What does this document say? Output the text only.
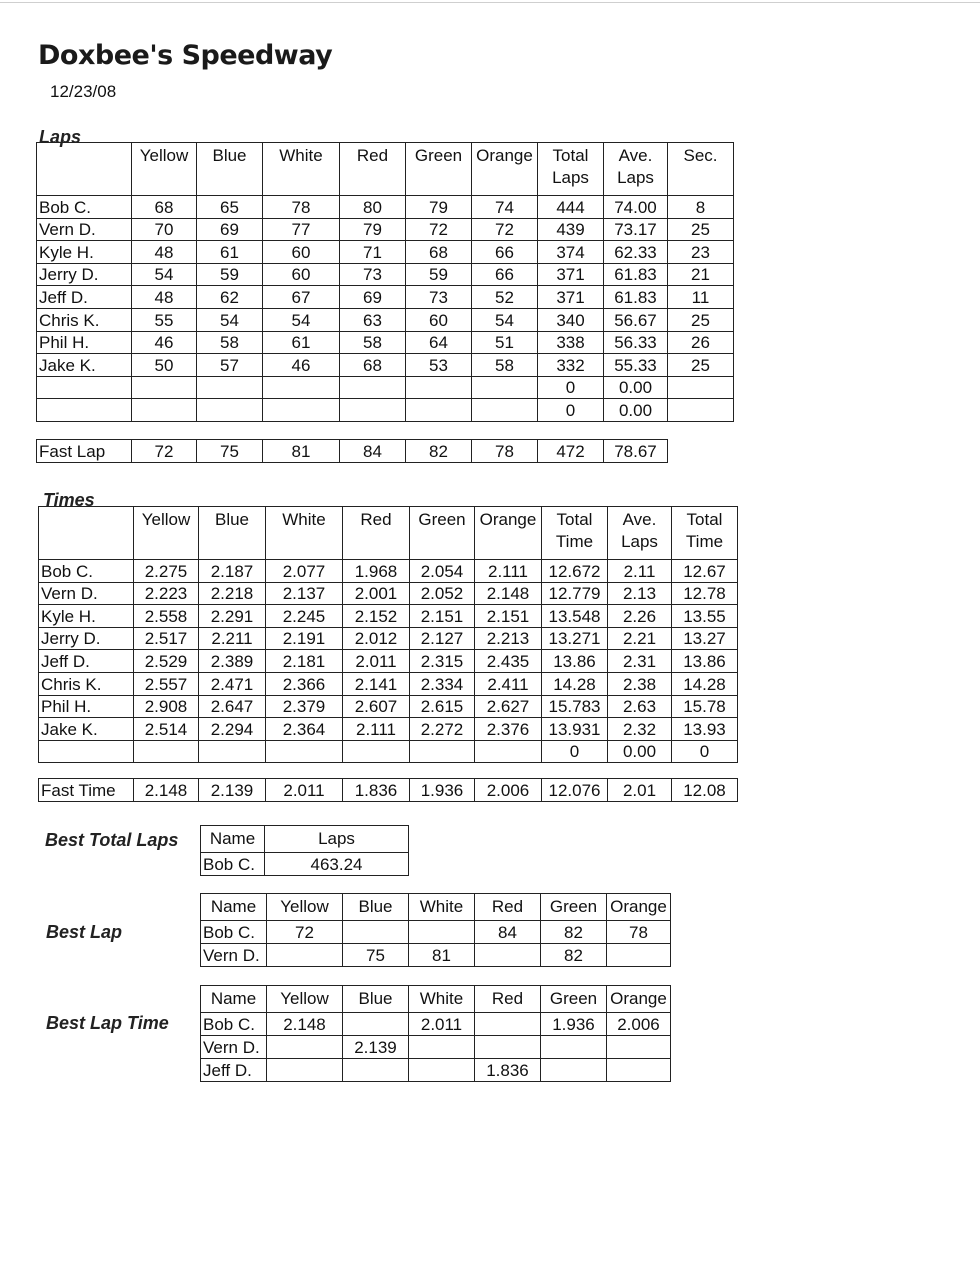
Doxbee's Speedway
12/23/08
Laps
	Yellow	Blue	White	Red	Green	Orange	Total Laps	Ave. Laps	Sec.
Bob C.	68	65	78	80	79	74	444	74.00	8
Vern D.	70	69	77	79	72	72	439	73.17	25
Kyle H.	48	61	60	71	68	66	374	62.33	23
Jerry D.	54	59	60	73	59	66	371	61.83	21
Jeff D.	48	62	67	69	73	52	371	61.83	11
Chris K.	55	54	54	63	60	54	340	56.67	25
Phil H.	46	58	61	58	64	51	338	56.33	26
Jake K.	50	57	46	68	53	58	332	55.33	25
							0	0.00	
							0	0.00	
Fast Lap	72	75	81	84	82	78	472	78.67
Times
	Yellow	Blue	White	Red	Green	Orange	Total Time	Ave. Laps	Total Time
Bob C.	2.275	2.187	2.077	1.968	2.054	2.111	12.672	2.11	12.67
Vern D.	2.223	2.218	2.137	2.001	2.052	2.148	12.779	2.13	12.78
Kyle H.	2.558	2.291	2.245	2.152	2.151	2.151	13.548	2.26	13.55
Jerry D.	2.517	2.211	2.191	2.012	2.127	2.213	13.271	2.21	13.27
Jeff D.	2.529	2.389	2.181	2.011	2.315	2.435	13.86	2.31	13.86
Chris K.	2.557	2.471	2.366	2.141	2.334	2.411	14.28	2.38	14.28
Phil H.	2.908	2.647	2.379	2.607	2.615	2.627	15.783	2.63	15.78
Jake K.	2.514	2.294	2.364	2.111	2.272	2.376	13.931	2.32	13.93
							0	0.00	0
Fast Time	2.148	2.139	2.011	1.836	1.936	2.006	12.076	2.01	12.08
Best Total Laps Name	Laps
Bob C.	463.24
Best Lap
Name	Yellow	Blue	White	Red	Green	Orange
Bob C.	72			84	82	78
Vern D.		75	81		82	
Best Lap Time
Name	Yellow	Blue	White	Red	Green	Orange
Bob C.	2.148		2.011		1.936	2.006
Vern D.		2.139				
Jeff D.				1.836		
